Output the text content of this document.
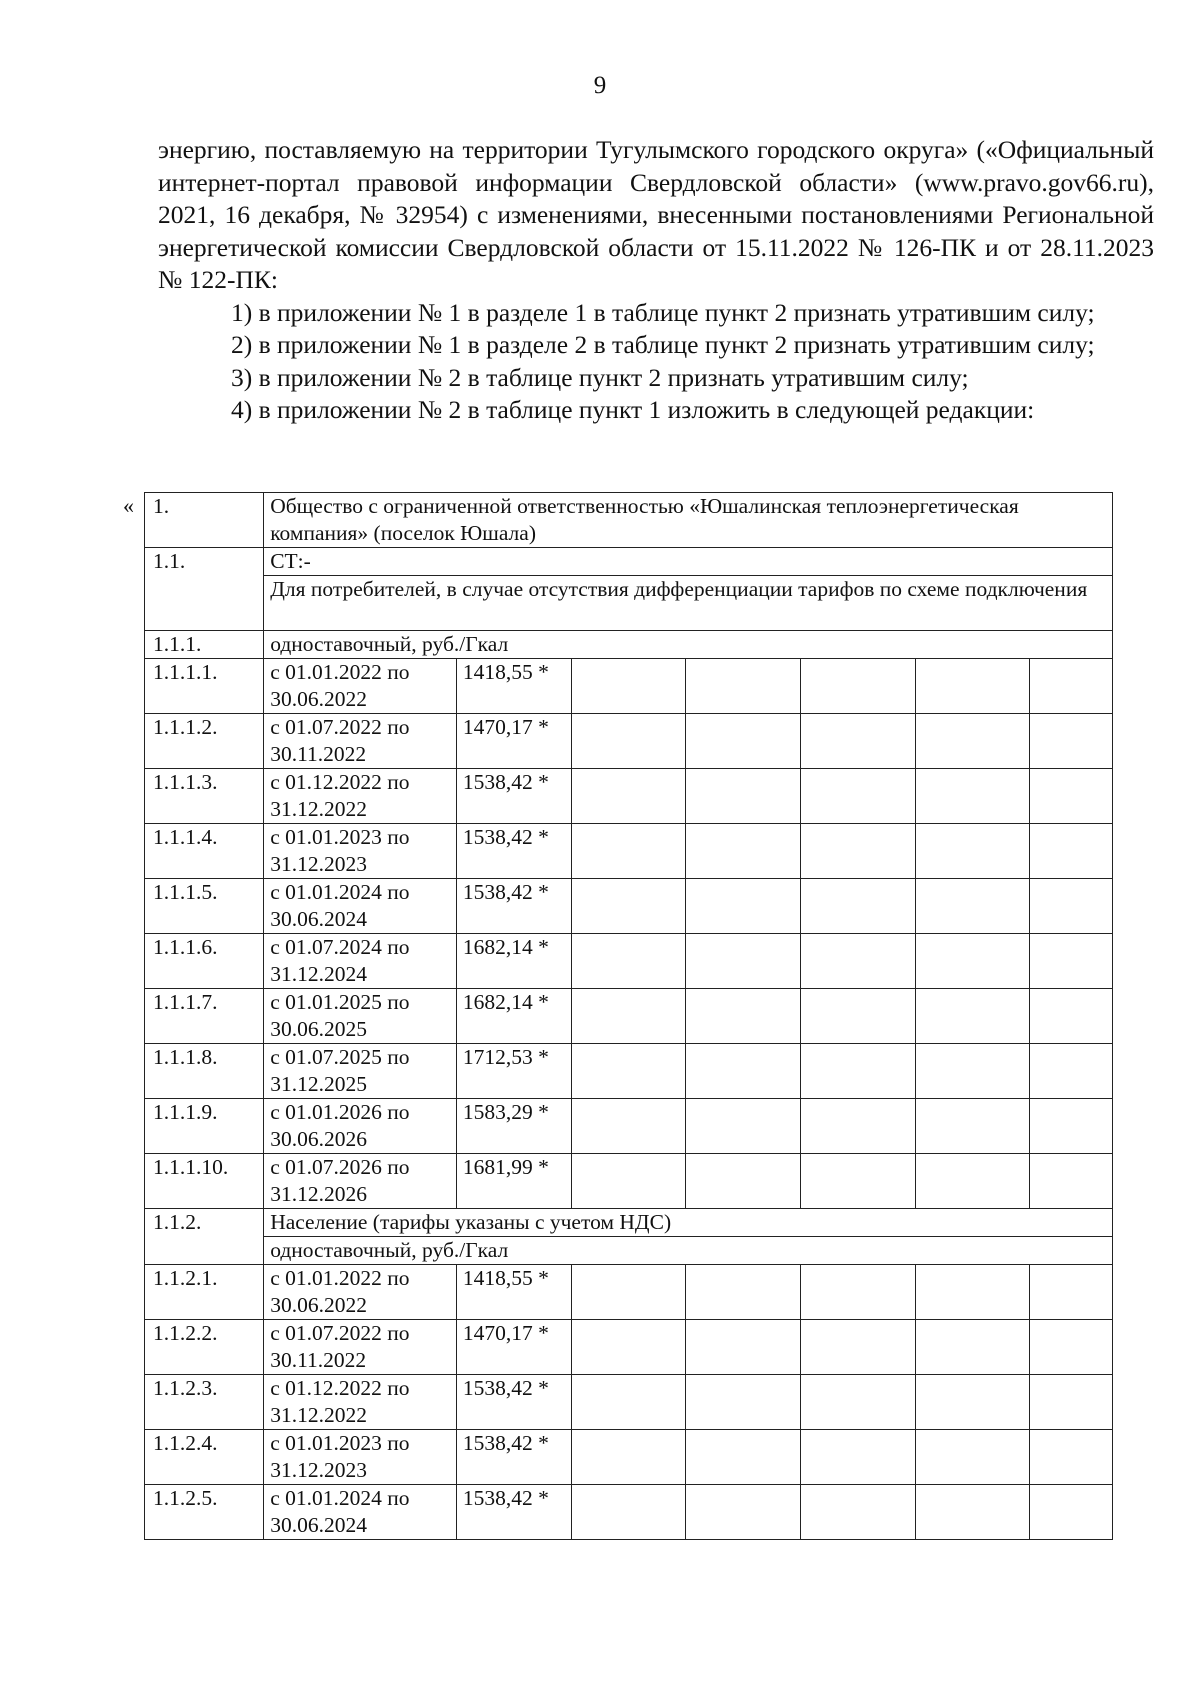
9

энергию, поставляемую на территории Тугулымского городского округа» («Официальный интернет-портал правовой информации Свердловской области» (www.pravo.gov66.ru), 2021, 16 декабря, № 32954) с изменениями, внесенными постановлениями Региональной энергетической комиссии Свердловской области от 15.11.2022 № 126-ПК и от 28.11.2023 № 122-ПК:

1) в приложении № 1 в разделе 1 в таблице пункт 2 признать утратившим силу;

2) в приложении № 1 в разделе 2 в таблице пункт 2 признать утратившим силу;

3) в приложении № 2 в таблице пункт 2 признать утратившим силу;

4) в приложении № 2 в таблице пункт 1 изложить в следующей редакции:

« 1.	Общество с ограниченной ответственностью «Юшалинская теплоэнергетическая компания» (поселок Юшала)						
1.1.	СТ:-						
	Для потребителей, в случае отсутствия дифференциации тарифов по схеме подключения						
1.1.1.	одноставочный, руб./Гкал						
1.1.1.1.	с 01.01.2022 по 30.06.2022	1418,55 *					
1.1.1.2.	с 01.07.2022 по 30.11.2022	1470,17 *					
1.1.1.3.	с 01.12.2022 по 31.12.2022	1538,42 *					
1.1.1.4.	с 01.01.2023 по 31.12.2023	1538,42 *					
1.1.1.5.	с 01.01.2024 по 30.06.2024	1538,42 *					
1.1.1.6.	с 01.07.2024 по 31.12.2024	1682,14 *					
1.1.1.7.	с 01.01.2025 по 30.06.2025	1682,14 *					
1.1.1.8.	с 01.07.2025 по 31.12.2025	1712,53 *					
1.1.1.9.	с 01.01.2026 по 30.06.2026	1583,29 *					
1.1.1.10.	с 01.07.2026 по 31.12.2026	1681,99 *					
1.1.2.	Население (тарифы указаны с учетом НДС)						
	одноставочный, руб./Гкал						
1.1.2.1.	с 01.01.2022 по 30.06.2022	1418,55 *					
1.1.2.2.	с 01.07.2022 по 30.11.2022	1470,17 *					
1.1.2.3.	с 01.12.2022 по 31.12.2022	1538,42 *					
1.1.2.4.	с 01.01.2023 по 31.12.2023	1538,42 *					
1.1.2.5.	с 01.01.2024 по 30.06.2024	1538,42 *					
